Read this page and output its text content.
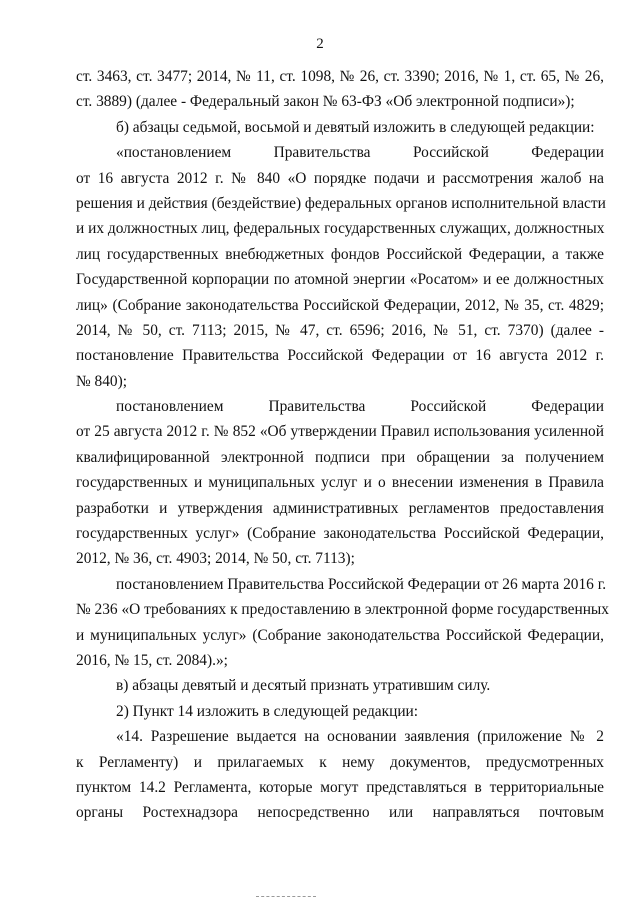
2
ст. 3463, ст. 3477; 2014, № 11, ст. 1098, № 26, ст. 3390; 2016, № 1, ст. 65, № 26,
ст. 3889) (далее - Федеральный закон № 63-ФЗ «Об электронной подписи»);
б) абзацы седьмой, восьмой и девятый изложить в следующей редакции:
«постановлением Правительства Российской Федерации
от 16 августа 2012 г. № 840 «О порядке подачи и рассмотрения жалоб на
решения и действия (бездействие) федеральных органов исполнительной власти
и их должностных лиц, федеральных государственных служащих, должностных
лиц государственных внебюджетных фондов Российской Федерации, а также
Государственной корпорации по атомной энергии «Росатом» и ее должностных
лиц» (Собрание законодательства Российской Федерации, 2012, № 35, ст. 4829;
2014, № 50, ст. 7113; 2015, № 47, ст. 6596; 2016, № 51, ст. 7370) (далее -
постановление Правительства Российской Федерации от 16 августа 2012 г.
№ 840);
постановлением Правительства Российской Федерации
от 25 августа 2012 г. № 852 «Об утверждении Правил использования усиленной
квалифицированной электронной подписи при обращении за получением
государственных и муниципальных услуг и о внесении изменения в Правила
разработки и утверждения административных регламентов предоставления
государственных услуг» (Собрание законодательства Российской Федерации,
2012, № 36, ст. 4903; 2014, № 50, ст. 7113);
постановлением Правительства Российской Федерации от 26 марта 2016 г.
№ 236 «О требованиях к предоставлению в электронной форме государственных
и муниципальных услуг» (Собрание законодательства Российской Федерации,
2016, № 15, ст. 2084).»;
в) абзацы девятый и десятый признать утратившим силу.
2) Пункт 14 изложить в следующей редакции:
«14. Разрешение выдается на основании заявления (приложение № 2
к Регламенту) и прилагаемых к нему документов, предусмотренных
пунктом 14.2 Регламента, которые могут представляться в территориальные
органы Ростехнадзора непосредственно или направляться почтовым
